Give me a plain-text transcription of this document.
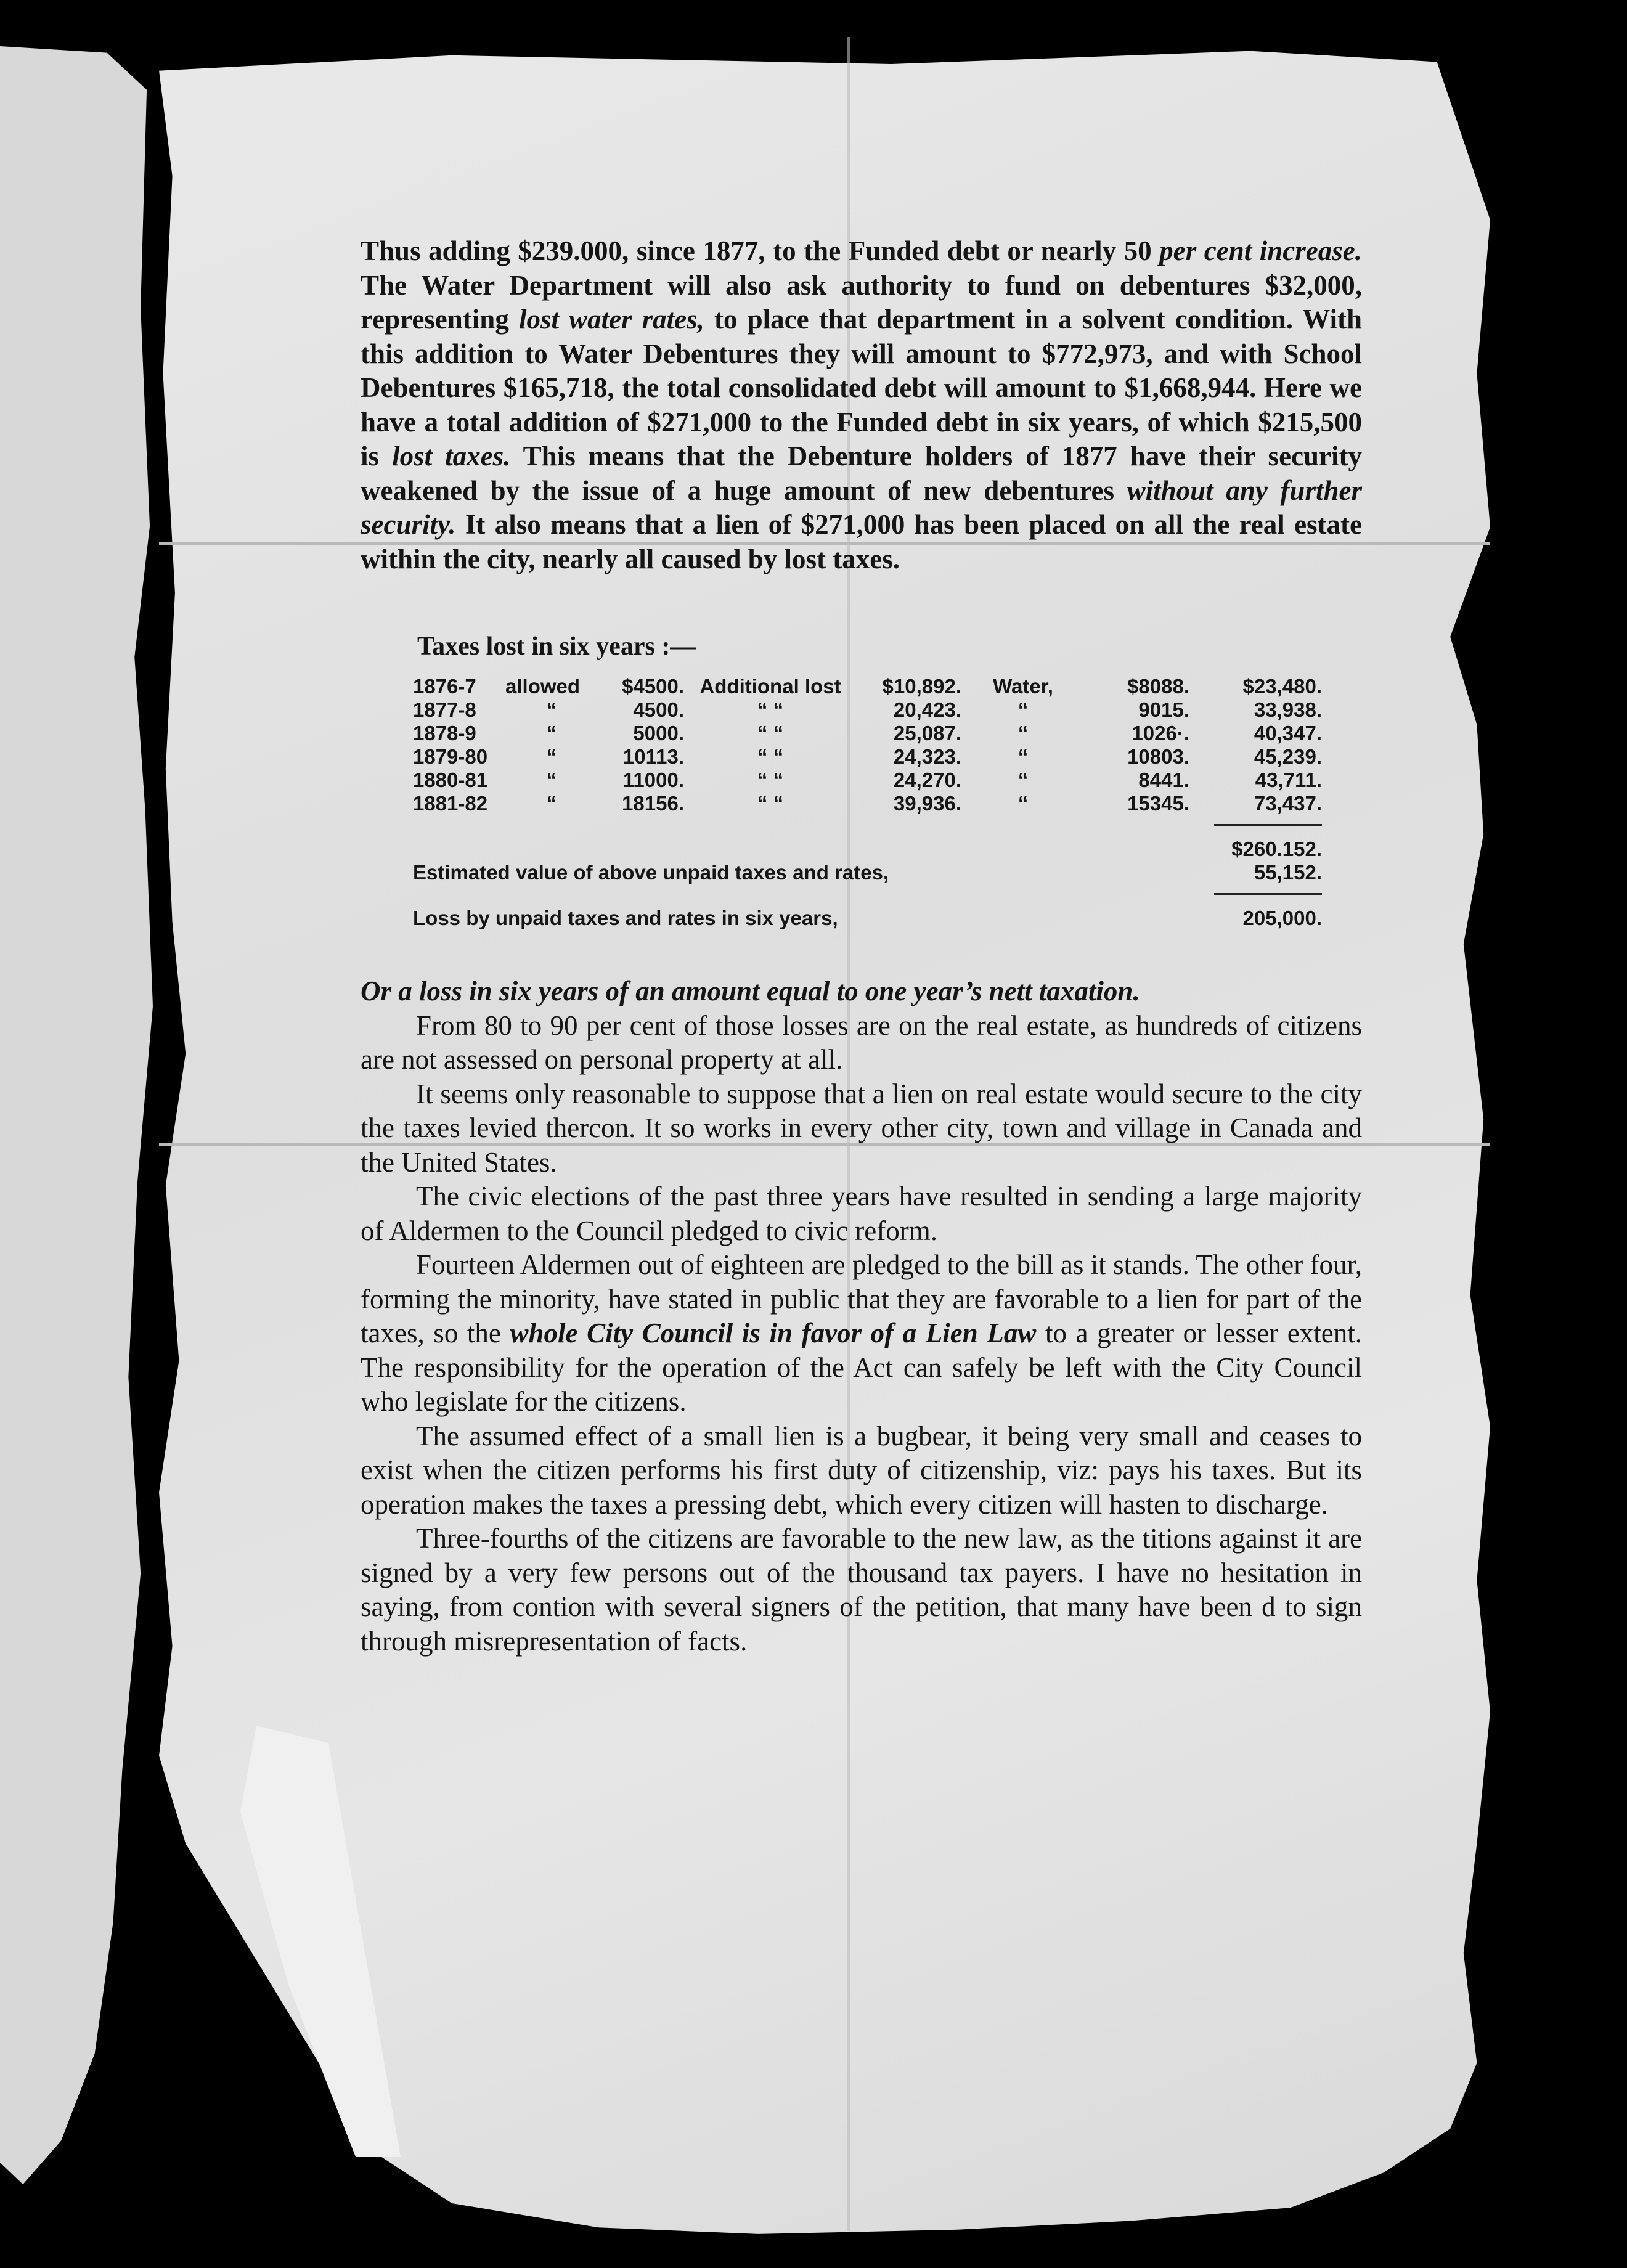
Thus adding $239.000, since 1877, to the Funded debt or nearly 50 per cent increase. The Water Department will also ask authority to fund on debentures $32,000, representing lost water rates, to place that department in a solvent condition. With this addition to Water Debentures they will amount to $772,973, and with School Debentures $165,718, the total consolidated debt will amount to $1,668,944. Here we have a total addition of $271,000 to the Funded debt in six years, of which $215,500 is lost taxes. This means that the Debenture holders of 1877 have their security weakened by the issue of a huge amount of new debentures without any further security. It also means that a lien of $271,000 has been placed on all the real estate within the city, nearly all caused by lost taxes.

Taxes lost in six years :—
1876-7	allowed	$4500.	Additional lost	$10,892.	Water,	$8088.	$23,480.
1877-8	“	4500.	“ “	20,423.	“	9015.	33,938.
1878-9	“	5000.	“ “	25,087.	“	1026·.	40,347.
1879-80	“	10113.	“ “	24,323.	“	10803.	45,239.
1880-81	“	11000.	“ “	24,270.	“	8441.	43,711.
1881-82	“	18156.	“ “	39,936.	“	15345.	73,437.
$260.152.
Estimated value of above unpaid taxes and rates,	55,152.
Loss by unpaid taxes and rates in six years,	205,000.

Or a loss in six years of an amount equal to one year’s nett taxation.

From 80 to 90 per cent of those losses are on the real estate, as hundreds of citizens are not assessed on personal property at all.

It seems only reasonable to suppose that a lien on real estate would secure to the city the taxes levied thercon. It so works in every other city, town and village in Canada and the United States.

The civic elections of the past three years have resulted in sending a large majority of Aldermen to the Council pledged to civic reform.

Fourteen Aldermen out of eighteen are pledged to the bill as it stands. The other four, forming the minority, have stated in public that they are favorable to a lien for part of the taxes, so the whole City Council is in favor of a Lien Law to a greater or lesser extent. The responsibility for the operation of the Act can safely be left with the City Council who legislate for the citizens.

The assumed effect of a small lien is a bugbear, it being very small and ceases to exist when the citizen performs his first duty of citizenship, viz: pays his taxes. But its operation makes the taxes a pressing debt, which every citizen will hasten to discharge.

Three-fourths of the citizens are favorable to the new law, as the titions against it are signed by a very few persons out of the thousand tax payers. I have no hesitation in saying, from contion with several signers of the petition, that many have been d to sign through misrepresentation of facts.
